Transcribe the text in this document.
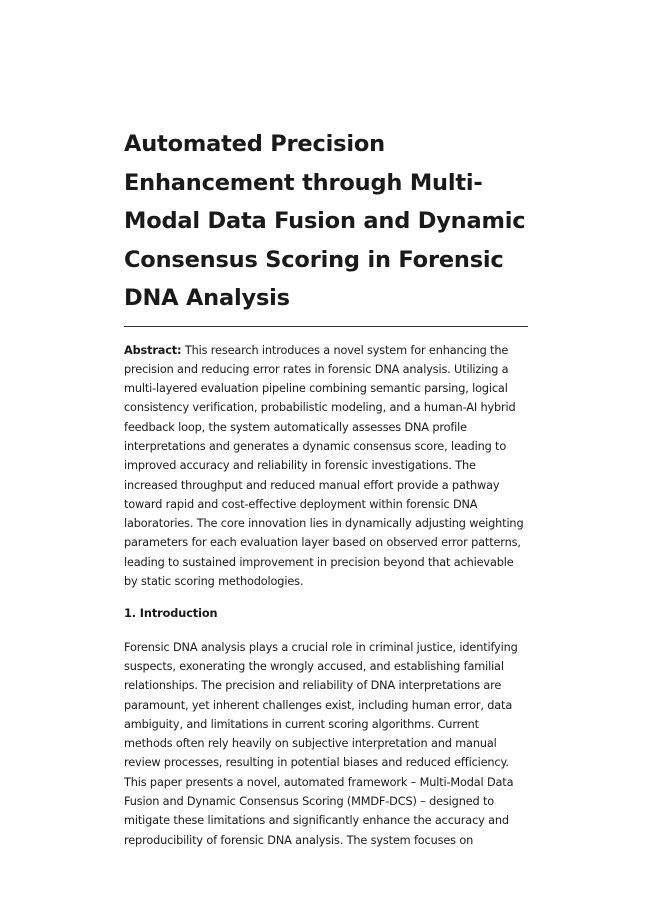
Automated Precision Enhancement through Multi-Modal Data Fusion and Dynamic Consensus Scoring in Forensic DNA Analysis

Abstract: This research introduces a novel system for enhancing the precision and reducing error rates in forensic DNA analysis. Utilizing a multi-layered evaluation pipeline combining semantic parsing, logical consistency verification, probabilistic modeling, and a human-AI hybrid feedback loop, the system automatically assesses DNA profile interpretations and generates a dynamic consensus score, leading to improved accuracy and reliability in forensic investigations. The increased throughput and reduced manual effort provide a pathway toward rapid and cost-effective deployment within forensic DNA laboratories. The core innovation lies in dynamically adjusting weighting parameters for each evaluation layer based on observed error patterns, leading to sustained improvement in precision beyond that achievable by static scoring methodologies.

1. Introduction

Forensic DNA analysis plays a crucial role in criminal justice, identifying suspects, exonerating the wrongly accused, and establishing familial relationships. The precision and reliability of DNA interpretations are paramount, yet inherent challenges exist, including human error, data ambiguity, and limitations in current scoring algorithms. Current methods often rely heavily on subjective interpretation and manual review processes, resulting in potential biases and reduced efficiency. This paper presents a novel, automated framework – Multi-Modal Data Fusion and Dynamic Consensus Scoring (MMDF-DCS) – designed to mitigate these limitations and significantly enhance the accuracy and reproducibility of forensic DNA analysis. The system focuses on
